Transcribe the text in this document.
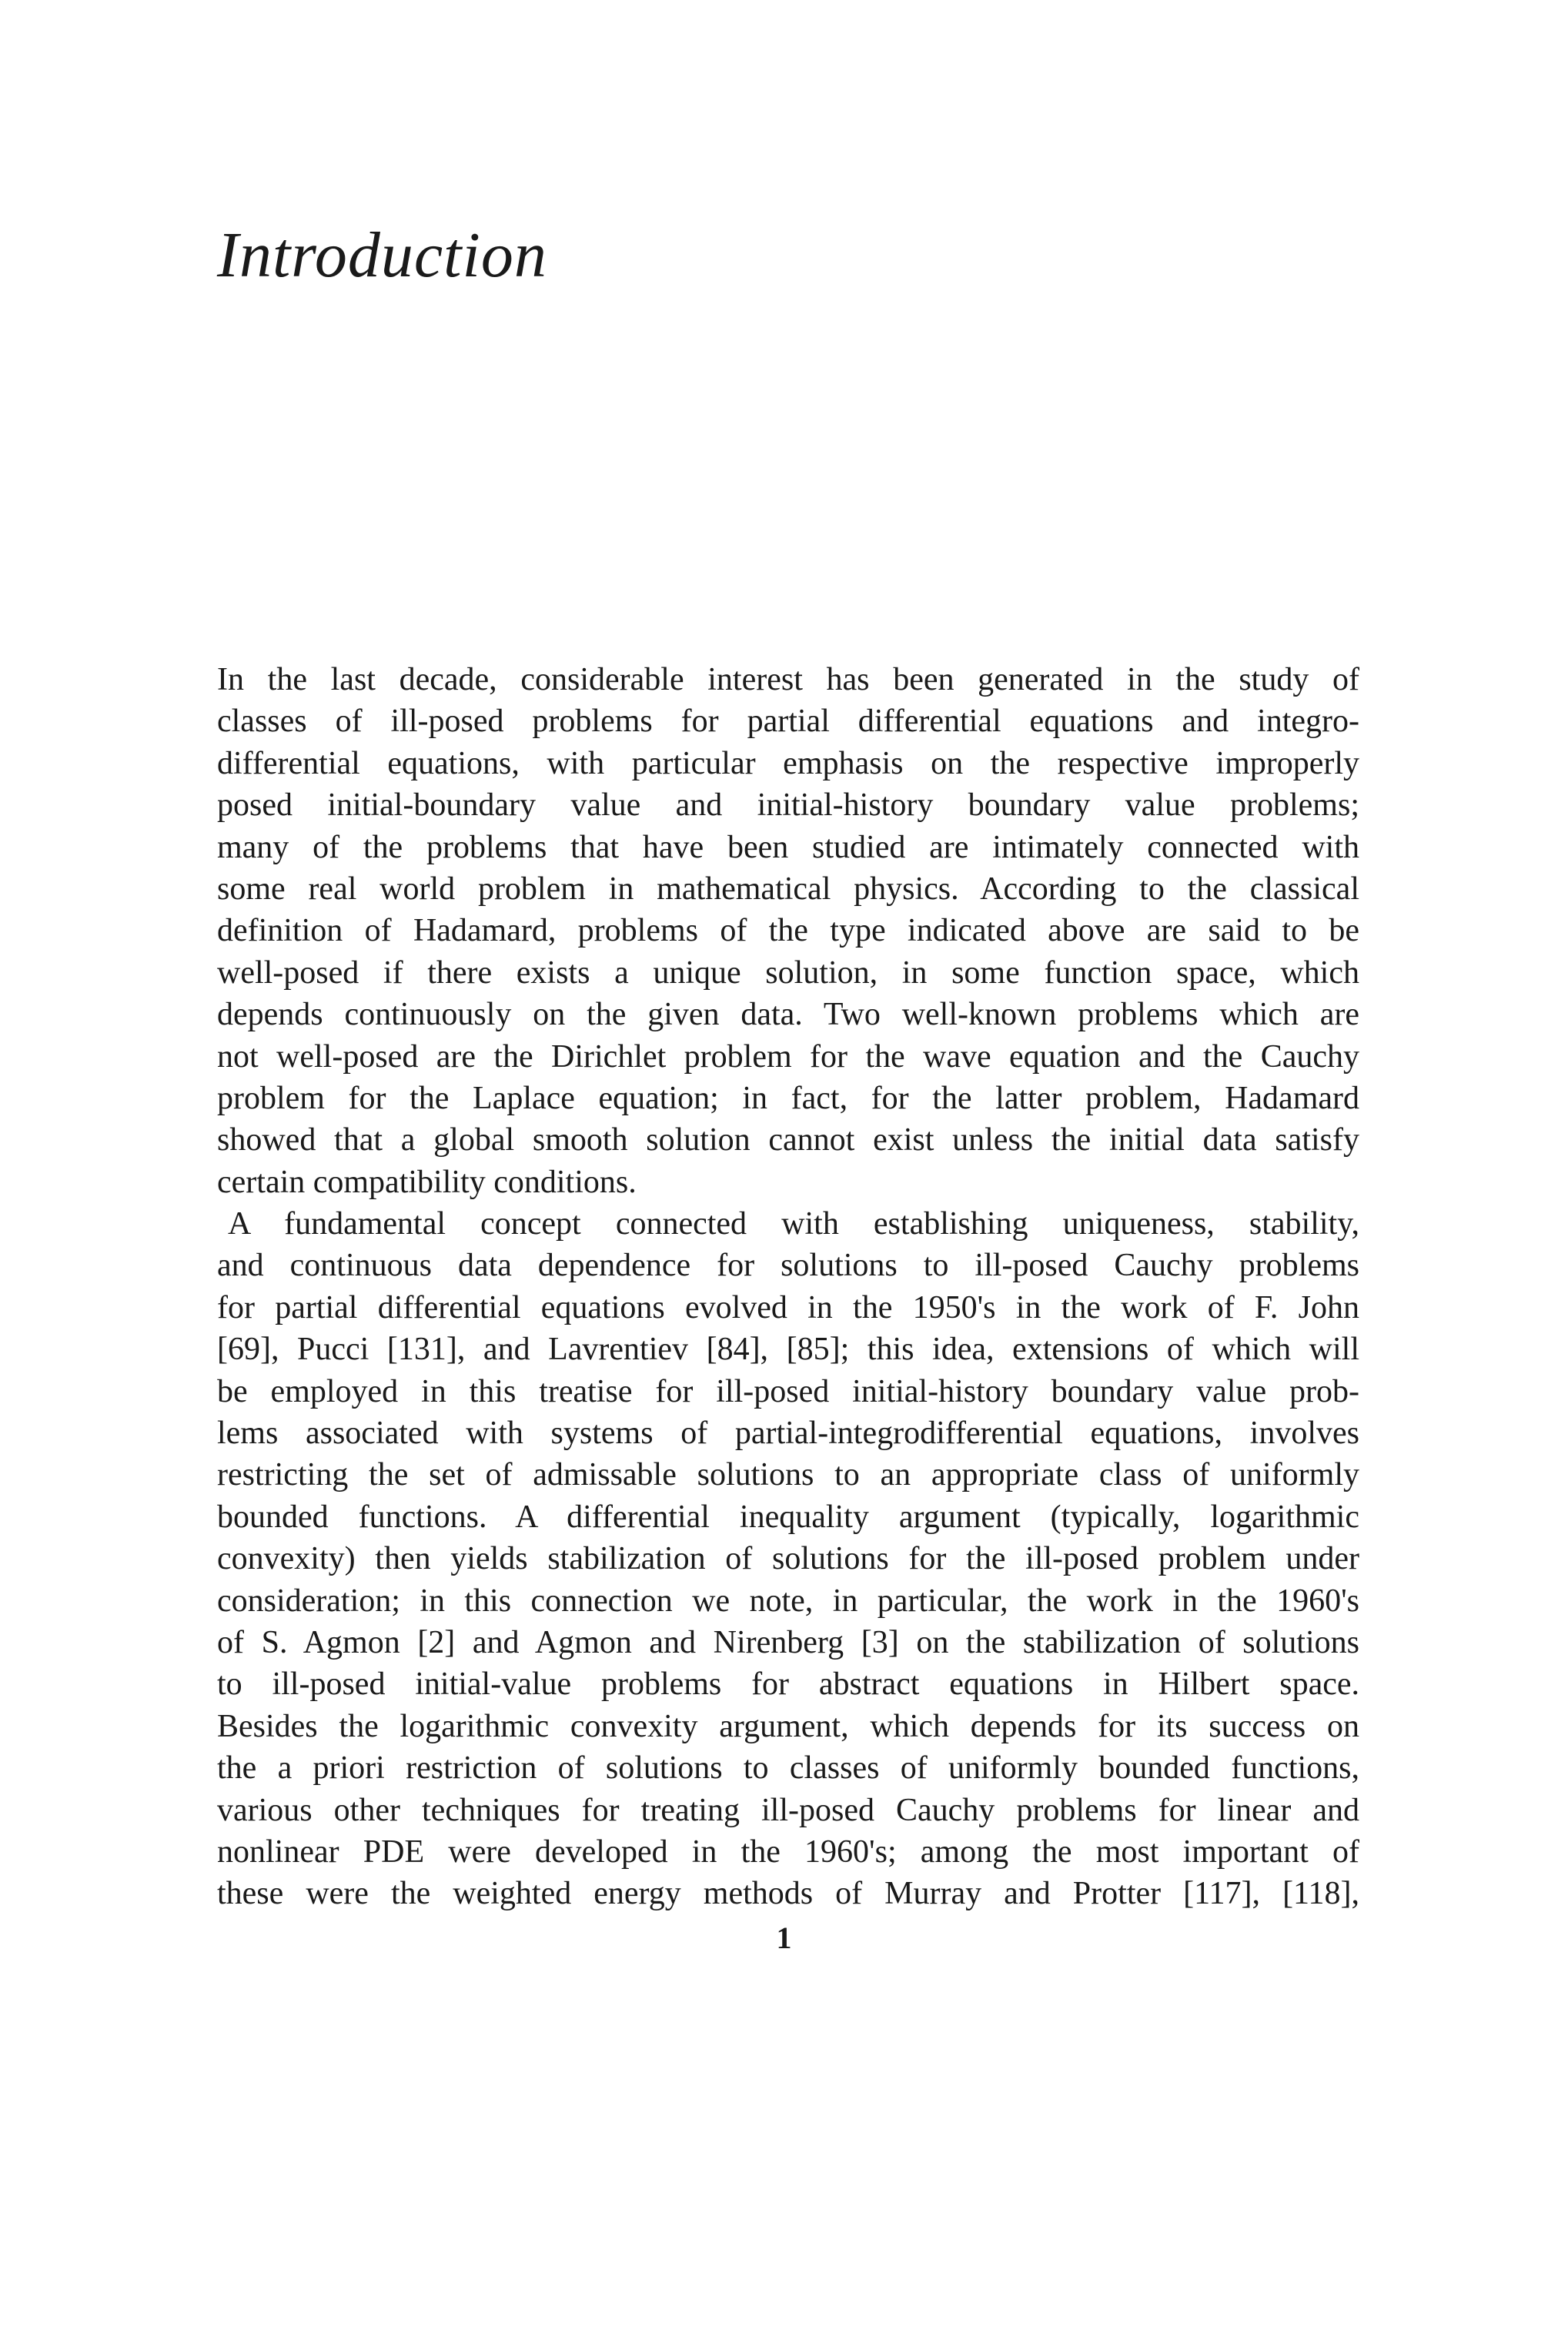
Introduction
In the last decade, considerable interest has been generated in the study of
classes of ill-posed problems for partial differential equations and integro-
differential equations, with particular emphasis on the respective improperly
posed initial-boundary value and initial-history boundary value problems;
many of the problems that have been studied are intimately connected with
some real world problem in mathematical physics. According to the classical
definition of Hadamard, problems of the type indicated above are said to be
well-posed if there exists a unique solution, in some function space, which
depends continuously on the given data. Two well-known problems which are
not well-posed are the Dirichlet problem for the wave equation and the Cauchy
problem for the Laplace equation; in fact, for the latter problem, Hadamard
showed that a global smooth solution cannot exist unless the initial data satisfy
certain compatibility conditions.
A fundamental concept connected with establishing uniqueness, stability,
and continuous data dependence for solutions to ill-posed Cauchy problems
for partial differential equations evolved in the 1950's in the work of F. John
[69], Pucci [131], and Lavrentiev [84], [85]; this idea, extensions of which will
be employed in this treatise for ill-posed initial-history boundary value prob-
lems associated with systems of partial-integrodifferential equations, involves
restricting the set of admissable solutions to an appropriate class of uniformly
bounded functions. A differential inequality argument (typically, logarithmic
convexity) then yields stabilization of solutions for the ill-posed problem under
consideration; in this connection we note, in particular, the work in the 1960's
of S. Agmon [2] and Agmon and Nirenberg [3] on the stabilization of solutions
to ill-posed initial-value problems for abstract equations in Hilbert space.
Besides the logarithmic convexity argument, which depends for its success on
the a priori restriction of solutions to classes of uniformly bounded functions,
various other techniques for treating ill-posed Cauchy problems for linear and
nonlinear PDE were developed in the 1960's; among the most important of
these were the weighted energy methods of Murray and Protter [117], [118],
1
